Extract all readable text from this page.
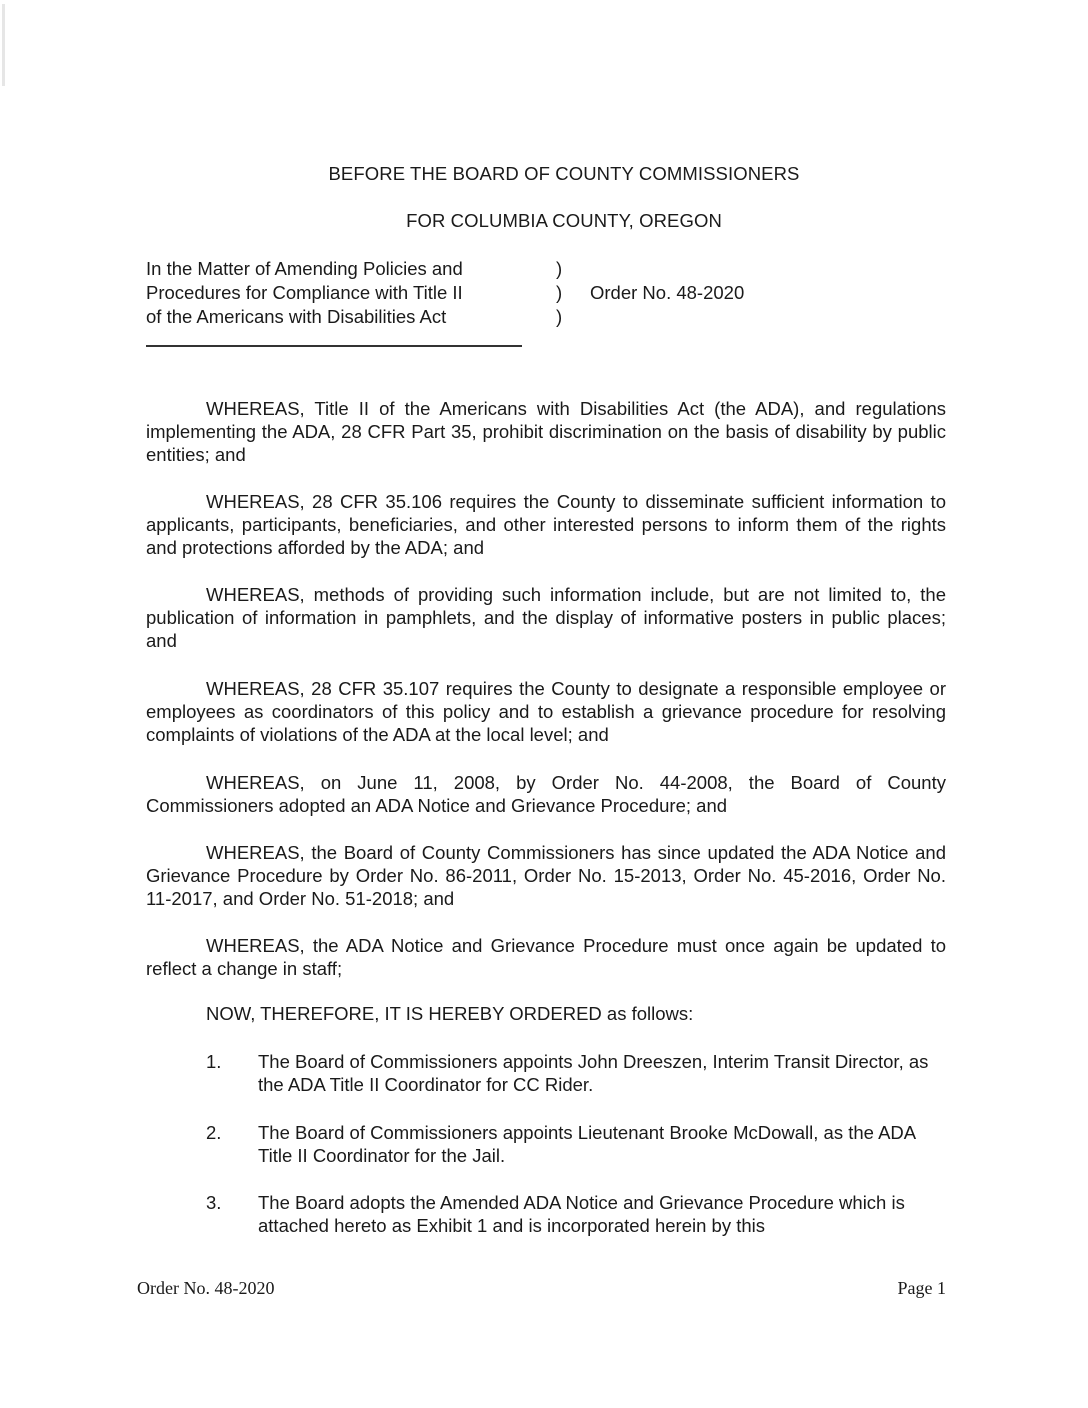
BEFORE THE BOARD OF COUNTY COMMISSIONERS
FOR COLUMBIA COUNTY, OREGON
In the Matter of Amending Policies and
Procedures for Compliance with Title II
of the Americans with Disabilities Act
)
)
)
Order No. 48-2020

WHEREAS, Title II of the Americans with Disabilities Act (the ADA), and regulations implementing the ADA, 28 CFR Part 35, prohibit discrimination on the basis of disability by public entities; and

WHEREAS, 28 CFR 35.106 requires the County to disseminate sufficient information to applicants, participants, beneficiaries, and other interested persons to inform them of the rights and protections afforded by the ADA; and

WHEREAS, methods of providing such information include, but are not limited to, the publication of information in pamphlets, and the display of informative posters in public places; and

WHEREAS, 28 CFR 35.107 requires the County to designate a responsible employee or employees as coordinators of this policy and to establish a grievance procedure for resolving complaints of violations of the ADA at the local level; and

WHEREAS, on June 11, 2008, by Order No. 44-2008, the Board of County Commissioners adopted an ADA Notice and Grievance Procedure; and

WHEREAS, the Board of County Commissioners has since updated the ADA Notice and Grievance Procedure by Order No. 86-2011, Order No. 15-2013, Order No. 45-2016, Order No. 11-2017, and Order No. 51-2018; and

WHEREAS, the ADA Notice and Grievance Procedure must once again be updated to reflect a change in staff;

NOW, THEREFORE, IT IS HEREBY ORDERED as follows:
1. The Board of Commissioners appoints John Dreeszen, Interim Transit Director, as the ADA Title II Coordinator for CC Rider.
2. The Board of Commissioners appoints Lieutenant Brooke McDowall, as the ADA Title II Coordinator for the Jail.
3. The Board adopts the Amended ADA Notice and Grievance Procedure which is attached hereto as Exhibit 1 and is incorporated herein by this
Order No. 48-2020	Page 1
